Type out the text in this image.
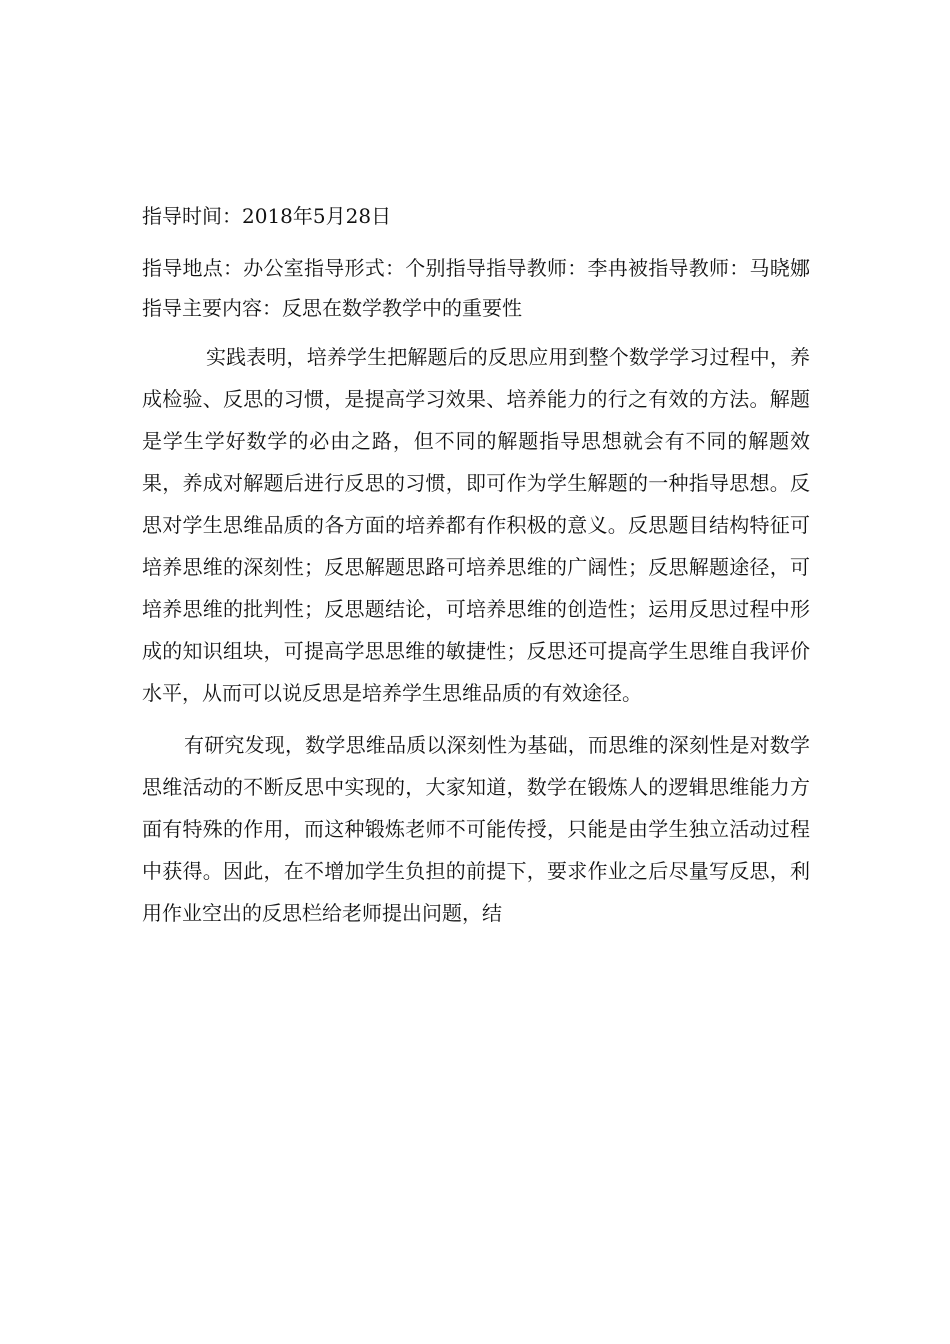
指导时间：2018年5月28日

指导地点：办公室指导形式：个别指导指导教师：李冉被指导教师：马晓娜指导主要内容：反思在数学教学中的重要性

实践表明，培养学生把解题后的反思应用到整个数学学习过程中，养成检验、反思的习惯，是提高学习效果、培养能力的行之有效的方法。解题是学生学好数学的必由之路，但不同的解题指导思想就会有不同的解题效果，养成对解题后进行反思的习惯，即可作为学生解题的一种指导思想。反思对学生思维品质的各方面的培养都有作积极的意义。反思题目结构特征可培养思维的深刻性；反思解题思路可培养思维的广阔性；反思解题途径，可培养思维的批判性；反思题结论，可培养思维的创造性；运用反思过程中形成的知识组块，可提高学思思维的敏捷性；反思还可提高学生思维自我评价水平，从而可以说反思是培养学生思维品质的有效途径。

有研究发现，数学思维品质以深刻性为基础，而思维的深刻性是对数学思维活动的不断反思中实现的，大家知道，数学在锻炼人的逻辑思维能力方面有特殊的作用，而这种锻炼老师不可能传授，只能是由学生独立活动过程中获得。因此，在不增加学生负担的前提下，要求作业之后尽量写反思，利用作业空出的反思栏给老师提出问题，结
